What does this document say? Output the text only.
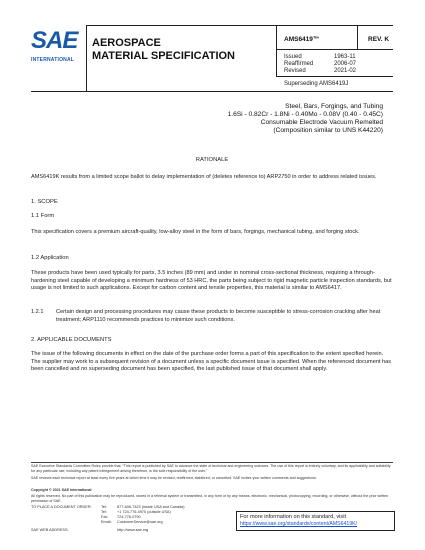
SAE
INTERNATIONAL
AEROSPACE
MATERIAL SPECIFICATION
AMS6419™	REV. K
Issued	1963-11
Reaffirmed	2006-07
Revised	2021-02
Superseding AMS6419J
Steel, Bars, Forgings, and Tubing
1.6Si - 0.82Cr - 1.8Ni - 0.40Mo - 0.08V (0.40 - 0.45C)
Consumable Electrode Vacuum Remelted
(Composition similar to UNS K44220)
RATIONALE
AMS6419K results from a limited scope ballot to delay implementation of (deletes reference to) ARP2750 in order to address related issues.
1. SCOPE
1.1 Form
This specification covers a premium aircraft-quality, low-alloy steel in the form of bars, forgings, mechanical tubing, and forging stock.
1.2 Application
These products have been used typically for parts, 3.5 inches (89 mm) and under in nominal cross-sectional thickness, requiring a through-hardening steel capable of developing a minimum hardness of 53 HRC, the parts being subject to rigid magnetic particle inspection standards, but usage is not limited to such applications. Except for carbon content and tensile properties, this material is similar to AMS6417.
1.2.1 Certain design and processing procedures may cause these products to become susceptible to stress-corrosion cracking after heat treatment; ARP1110 recommends practices to minimize such conditions.
2. APPLICABLE DOCUMENTS
The issue of the following documents in effect on the date of the purchase order forms a part of this specification to the extent specified herein. The supplier may work to a subsequent revision of a document unless a specific document issue is specified. When the referenced document has been cancelled and no superseding document has been specified, the last published issue of that document shall apply.
SAE Executive Standards Committee Rules provide that: "This report is published by SAE to advance the state of technical and engineering sciences. The use of this report is entirely voluntary, and its applicability and suitability for any particular use, including any patent infringement arising therefrom, is the sole responsibility of the user."
SAE reviews each technical report at least every five years at which time it may be revised, reaffirmed, stabilized, or cancelled. SAE invites your written comments and suggestions.
Copyright © 2021 SAE International
All rights reserved. No part of this publication may be reproduced, stored in a retrieval system or transmitted, in any form or by any means, electronic, mechanical, photocopying, recording, or otherwise, without the prior written permission of SAE.
TO PLACE A DOCUMENT ORDER: Tel:	877-606-7323 (inside USA and Canada)
Tel:	+1 724-776-4970 (outside USA)
Fax: 724-776-0790
Email: CustomerService@sae.org
SAE WEB ADDRESS:	http://www.sae.org
For more information on this standard, visit
https://www.sae.org/standards/content/AMS6419K/
